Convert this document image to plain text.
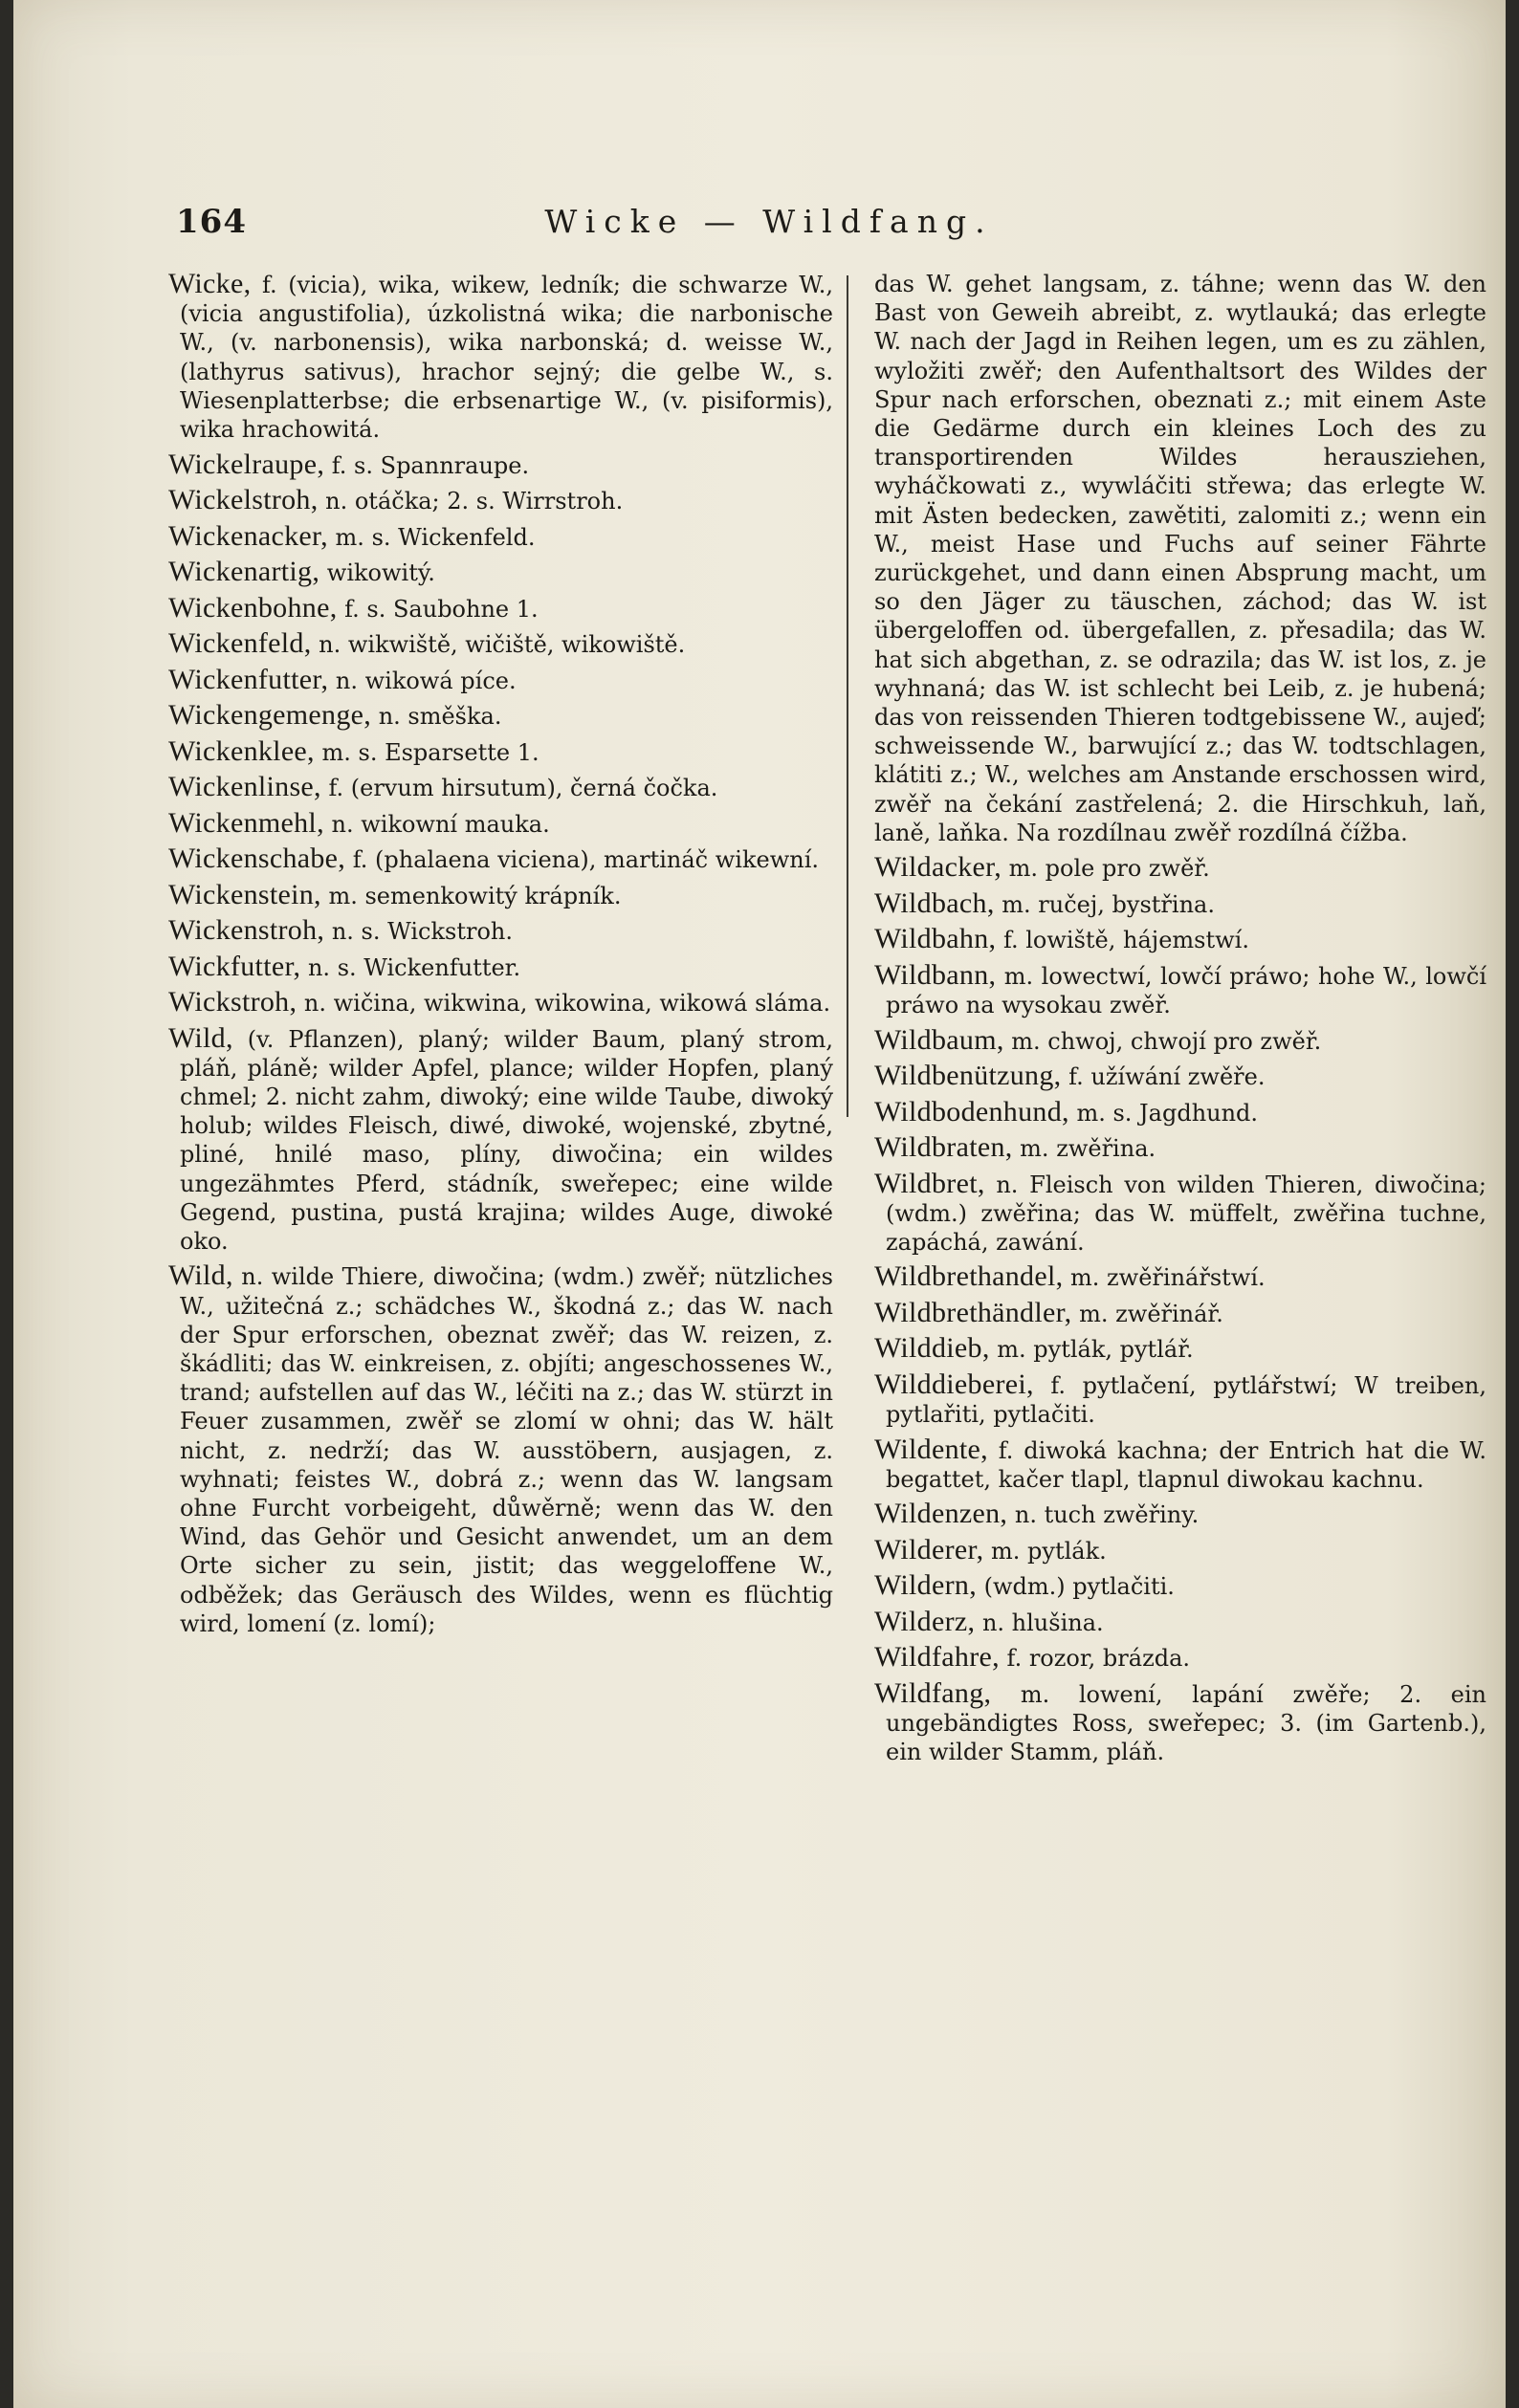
164	Wicke — Wildfang.

Wicke, f. (vicia), wika, wikew, ledník; die schwarze W., (vicia angustifolia), úzkolistná wika; die narbonische W., (v. narbonensis), wika narbonská; d. weisse W., (lathyrus sativus), hrachor sejný; die gelbe W., s. Wiesenplatterbse; die erbsenartige W., (v. pisiformis), wika hrachowitá.

Wickelraupe, f. s. Spannraupe.

Wickelstroh, n. otáčka; 2. s. Wirrstroh.

Wickenacker, m. s. Wickenfeld.

Wickenartig, wikowitý.

Wickenbohne, f. s. Saubohne 1.

Wickenfeld, n. wikwiště, wičiště, wikowiště.

Wickenfutter, n. wikowá píce.

Wickengemenge, n. směška.

Wickenklee, m. s. Esparsette 1.

Wickenlinse, f. (ervum hirsutum), černá čočka.

Wickenmehl, n. wikowní mauka.

Wickenschabe, f. (phalaena viciena), martináč wikewní.

Wickenstein, m. semenkowitý krápník.

Wickenstroh, n. s. Wickstroh.

Wickfutter, n. s. Wickenfutter.

Wickstroh, n. wičina, wikwina, wikowina, wikowá sláma.

Wild, (v. Pflanzen), planý; wilder Baum, planý strom, pláň, pláně; wilder Apfel, plance; wilder Hopfen, planý chmel; 2. nicht zahm, diwoký; eine wilde Taube, diwoký holub; wildes Fleisch, diwé, diwoké, wojenské, zbytné, pliné, hnilé maso, plíny, diwočina; ein wildes ungezähmtes Pferd, stádník, sweřepec; eine wilde Gegend, pustina, pustá krajina; wildes Auge, diwoké oko.

Wild, n. wilde Thiere, diwočina; (wdm.) zwěř; nützliches W., užitečná z.; schädches W., škodná z.; das W. nach der Spur erforschen, obeznat zwěř; das W. reizen, z. škádliti; das W. einkreisen, z. objíti; angeschossenes W., trand; aufstellen auf das W., léčiti na z.; das W. stürzt in Feuer zusammen, zwěř se zlomí w ohni; das W. hält nicht, z. nedrží; das W. ausstöbern, ausjagen, z. wyhnati; feistes W., dobrá z.; wenn das W. langsam ohne Furcht vorbeigeht, důwěrně; wenn das W. den Wind, das Gehör und Gesicht anwendet, um an dem Orte sicher zu sein, jistit; das weggeloffene W., odběžek; das Geräusch des Wildes, wenn es flüchtig wird, lomení (z. lomí);

das W. gehet langsam, z. táhne; wenn das W. den Bast von Geweih abreibt, z. wytlauká; das erlegte W. nach der Jagd in Reihen legen, um es zu zählen, wyložiti zwěř; den Aufenthaltsort des Wildes der Spur nach erforschen, obeznati z.; mit einem Aste die Gedärme durch ein kleines Loch des zu transportirenden Wildes herausziehen, wyháčkowati z., wywláčiti střewa; das erlegte W. mit Ästen bedecken, zawětiti, zalomiti z.; wenn ein W., meist Hase und Fuchs auf seiner Fährte zurückgehet, und dann einen Absprung macht, um so den Jäger zu täuschen, záchod; das W. ist übergeloffen od. übergefallen, z. přesadila; das W. hat sich abgethan, z. se odrazila; das W. ist los, z. je wyhnaná; das W. ist schlecht bei Leib, z. je hubená; das von reissenden Thieren todtgebissene W., aujeď; schweissende W., barwující z.; das W. todtschlagen, klátiti z.; W., welches am Anstande erschossen wird, zwěř na čekání zastřelená; 2. die Hirschkuh, laň, laně, laňka. Na rozdílnau zwěř rozdílná čížba.

Wildacker, m. pole pro zwěř.

Wildbach, m. ručej, bystřina.

Wildbahn, f. lowiště, hájemstwí.

Wildbann, m. lowectwí, lowčí práwo; hohe W., lowčí práwo na wysokau zwěř.

Wildbaum, m. chwoj, chwojí pro zwěř.

Wildbenützung, f. užíwání zwěře.

Wildbodenhund, m. s. Jagdhund.

Wildbraten, m. zwěřina.

Wildbret, n. Fleisch von wilden Thieren, diwočina; (wdm.) zwěřina; das W. müffelt, zwěřina tuchne, zapáchá, zawání.

Wildbrethandel, m. zwěřinářstwí.

Wildbrethändler, m. zwěřinář.

Wilddieb, m. pytlák, pytlář.

Wilddieberei, f. pytlačení, pytlářstwí; W treiben, pytlařiti, pytlačiti.

Wildente, f. diwoká kachna; der Entrich hat die W. begattet, kačer tlapl, tlapnul diwokau kachnu.

Wildenzen, n. tuch zwěřiny.

Wilderer, m. pytlák.

Wildern, (wdm.) pytlačiti.

Wilderz, n. hlušina.

Wildfahre, f. rozor, brázda.

Wildfang, m. lowení, lapání zwěře; 2. ein ungebändigtes Ross, sweřepec; 3. (im Gartenb.), ein wilder Stamm, pláň.
